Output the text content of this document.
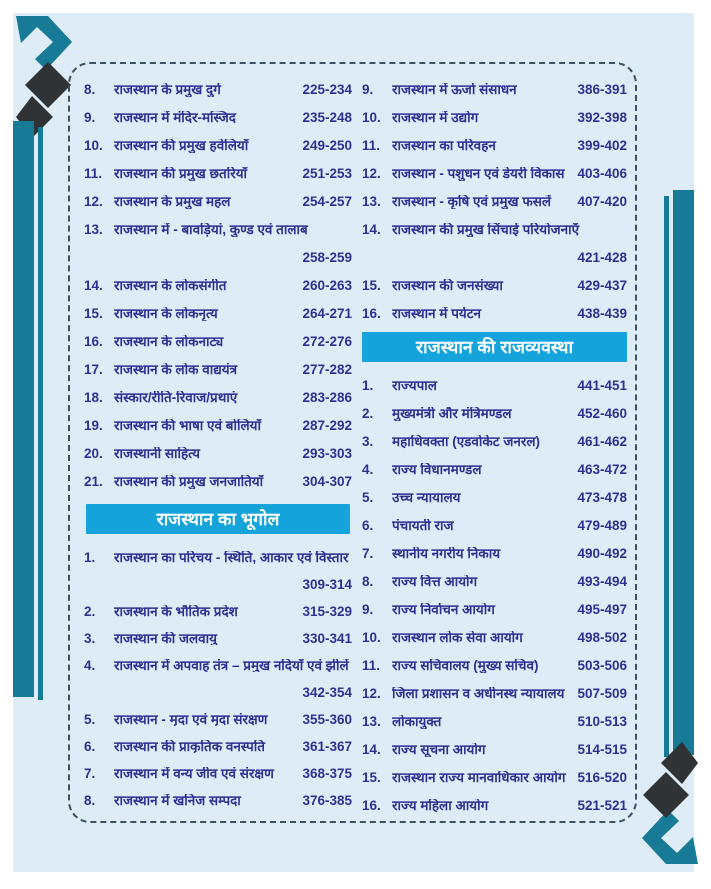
8.	राजस्थान के प्रमुख दुर्ग	225-234
9.	राजस्थान में मंदिर-मस्जिद	235-248
10. राजस्थान की प्रमुख हवेलियाँ	249-250
11. राजस्थान की प्रमुख छतरियाँ	251-253
12. राजस्थान के प्रमुख महल	254-257
13. राजस्थान में - बावड़ियां, कुण्ड एवं तालाब
258-259
14. राजस्थान के लोकसंगीत	260-263
15. राजस्थान के लोकनृत्य	264-271
16. राजस्थान के लोकनाट्य	272-276
17. राजस्थान के लोक वाद्ययंत्र	277-282
18. संस्कार/रीति-रिवाज/प्रथाएं	283-286
19. राजस्थान की भाषा एवं बोलियाँ	287-292
20. राजस्थानी साहित्य	293-303
21. राजस्थान की प्रमुख जनजातियाँ	304-307
राजस्थान का भूगोल
1.	राजस्थान का परिचय - स्थिति, आकार एवं विस्तार
309-314
2.	राजस्थान के भौतिक प्रदेश	315-329
3.	राजस्थान की जलवायु	330-341
4.	राजस्थान में अपवाह तंत्र – प्रमुख नदियाँ एवं झीलें
342-354
5.	राजस्थान - मृदा एवं मृदा संरक्षण	355-360
6.	राजस्थान की प्राकृतिक वनस्पति	361-367
7.	राजस्थान में वन्य जीव एवं संरक्षण	368-375
8.	राजस्थान में खनिज सम्पदा	376-385
9.	राजस्थान में ऊर्जा संसाधन	386-391
10. राजस्थान में उद्योग	392-398
11. राजस्थान का परिवहन	399-402
12. राजस्थान - पशुधन एवं डेयरी विकास 403-406
13. राजस्थान - कृषि एवं प्रमुख फसलें	407-420
14. राजस्थान की प्रमुख सिंचाई परियोजनाएँ
421-428
15. राजस्थान की जनसंख्या	429-437
16. राजस्थान में पर्यटन	438-439
राजस्थान की राजव्यवस्था
1.	राज्यपाल	441-451
2.	मुख्यमंत्री और मंत्रिमण्डल	452-460
3.	महाधिवक्ता (एडवोकेट जनरल)	461-462
4.	राज्य विधानमण्डल	463-472
5.	उच्च न्यायालय	473-478
6.	पंचायती राज	479-489
7.	स्थानीय नगरीय निकाय	490-492
8.	राज्य वित्त आयोग	493-494
9.	राज्य निर्वाचन आयोग	495-497
10. राजस्थान लोक सेवा आयोग	498-502
11. राज्य सचिवालय (मुख्य सचिव)	503-506
12. जिला प्रशासन व अधीनस्थ न्यायालय 507-509
13. लोकायुक्त	510-513
14. राज्य सूचना आयोग	514-515
15. राजस्थान राज्य मानवाधिकार आयोग 516-520
16. राज्य महिला आयोग	521-521
